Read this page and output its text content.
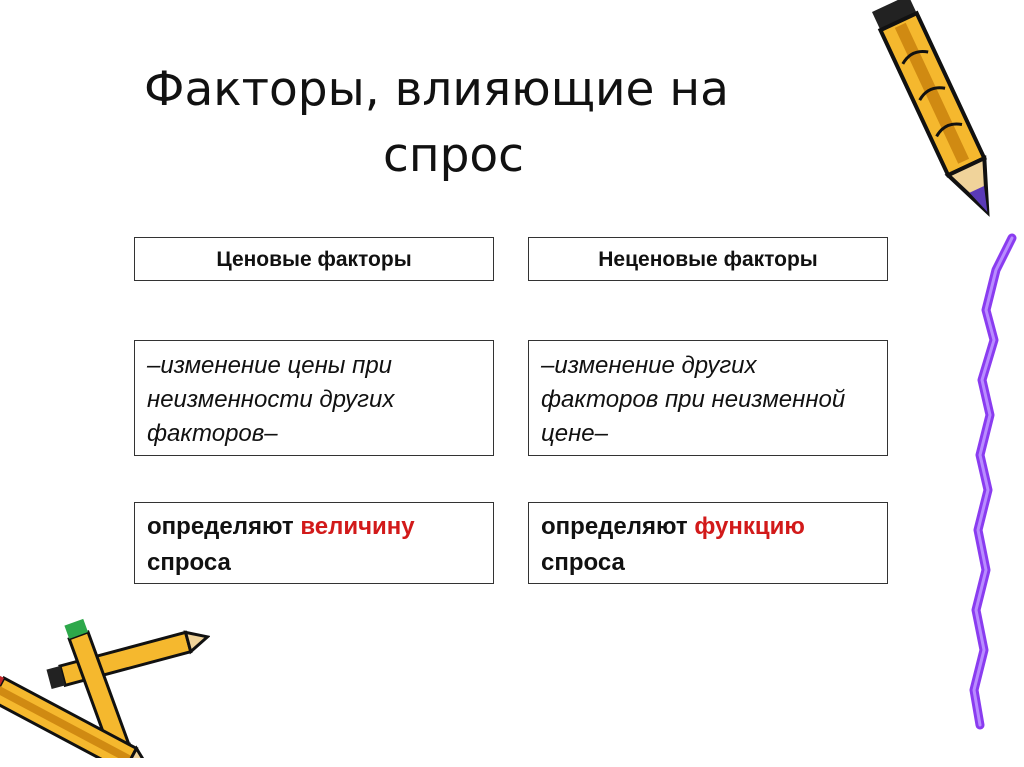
Факторы, влияющие на
спрос
Ценовые факторы
–изменение цены при неизменности других факторов–
определяют величину
спроса
Неценовые факторы
–изменение других факторов при неизменной цене–
определяют функцию
спроса
